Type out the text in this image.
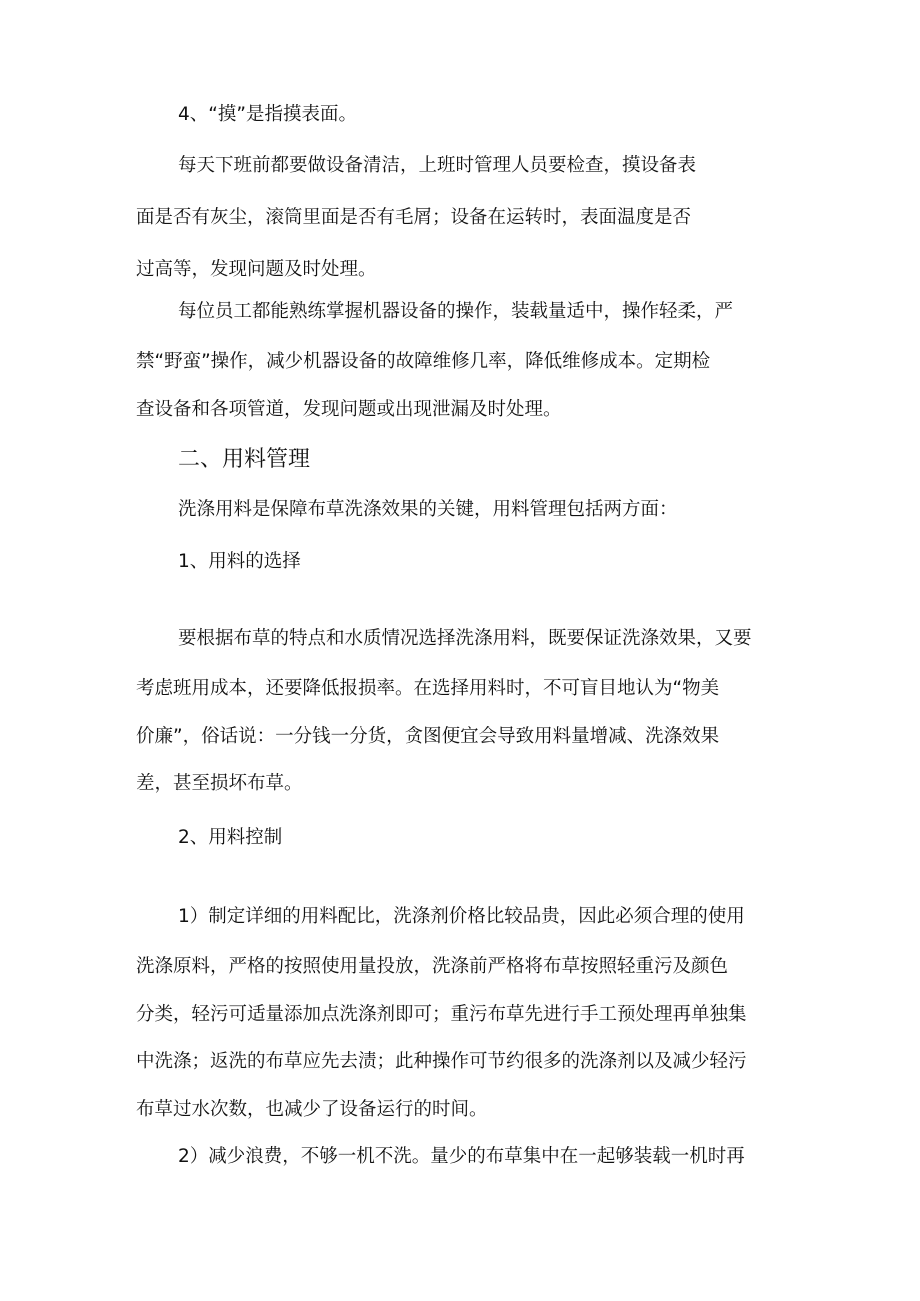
4、“摸”是指摸表面。
每天下班前都要做设备清洁，上班时管理人员要检查，摸设备表
面是否有灰尘，滚筒里面是否有毛屑；设备在运转时，表面温度是否
过高等，发现问题及时处理。
每位员工都能熟练掌握机器设备的操作，装载量适中，操作轻柔，严
禁“野蛮”操作，减少机器设备的故障维修几率，降低维修成本。定期检
查设备和各项管道，发现问题或出现泄漏及时处理。
二、用料管理
洗涤用料是保障布草洗涤效果的关键，用料管理包括两方面：
1、用料的选择
要根据布草的特点和水质情况选择洗涤用料，既要保证洗涤效果，又要
考虑班用成本，还要降低报损率。在选择用料时，不可盲目地认为“物美
价廉”，俗话说：一分钱一分货，贪图便宜会导致用料量增减、洗涤效果
差，甚至损坏布草。
2、用料控制
1）制定详细的用料配比，洗涤剂价格比较品贵，因此必须合理的使用
洗涤原料，严格的按照使用量投放，洗涤前严格将布草按照轻重污及颜色
分类，轻污可适量添加点洗涤剂即可；重污布草先进行手工预处理再单独集
中洗涤；返洗的布草应先去渍；此种操作可节约很多的洗涤剂以及减少轻污
布草过水次数，也减少了设备运行的时间。
2）减少浪费，不够一机不洗。量少的布草集中在一起够装载一机时再
